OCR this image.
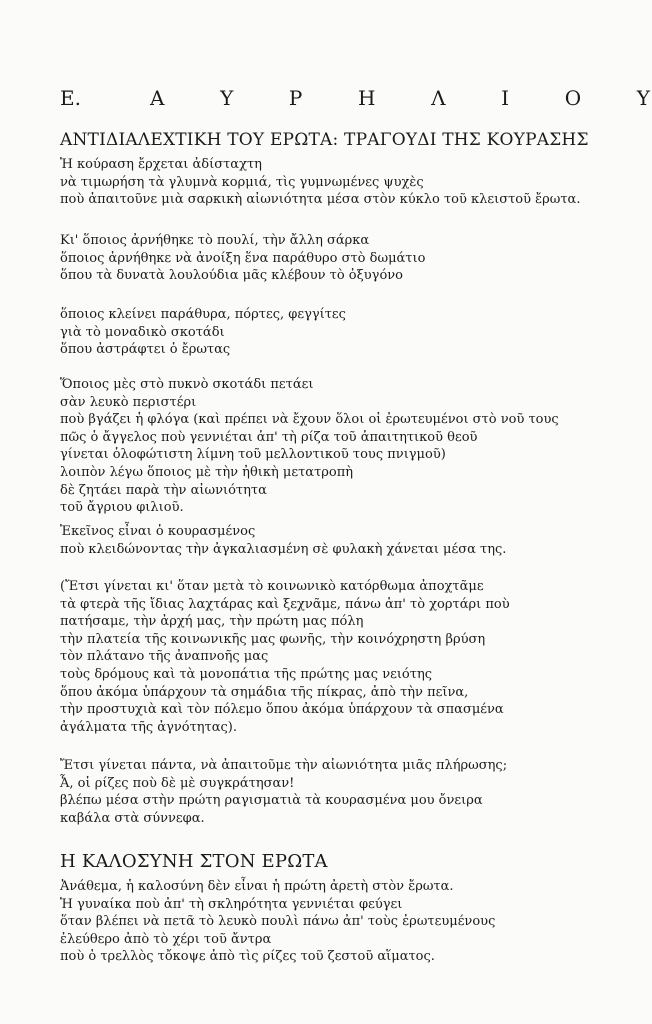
Ε.	Α	Υ	Ρ	Η	Λ	Ι	Ο	Υ
ΑΝΤΙΔΙΑΛΕΧΤΙΚΗ ΤΟΥ ΕΡΩΤΑ: ΤΡΑΓΟΥΔΙ ΤΗΣ ΚΟΥΡΑΣΗΣ
Ἡ κούραση ἔρχεται ἀδίσταχτη
νὰ τιμωρήση τὰ γλυμνὰ κορμιά, τὶς γυμνωμένες ψυχὲς
ποὺ ἀπαιτοῦνε μιὰ σαρκικὴ αἰωνιότητα μέσα στὸν κύκλο τοῦ κλειστοῦ ἔρωτα.
Κι' ὅποιος ἀρνήθηκε τὸ πουλί, τὴν ἄλλη σάρκα
ὅποιος ἀρνήθηκε νὰ ἀνοίξη ἕνα παράθυρο στὸ δωμάτιο
ὅπου τὰ δυνατὰ λουλούδια μᾶς κλέβουν τὸ ὀξυγόνο
ὅποιος κλείνει παράθυρα, πόρτες, φεγγίτες
γιὰ τὸ μοναδικὸ σκοτάδι
ὅπου ἀστράφτει ὁ ἔρωτας
Ὅποιος μὲς στὸ πυκνὸ σκοτάδι πετάει
σὰν λευκὸ περιστέρι
ποὺ βγάζει ἡ φλόγα (καὶ πρέπει νὰ ἔχουν ὅλοι οἱ ἐρωτευμένοι στὸ νοῦ τους
πῶς ὁ ἄγγελος ποὺ γεννιέται ἀπ' τὴ ρίζα τοῦ ἀπαιτητικοῦ θεοῦ
γίνεται ὁλοφώτιστη λίμνη τοῦ μελλοντικοῦ τους πνιγμοῦ)
λοιπὸν λέγω ὅποιος μὲ τὴν ἠθικὴ μετατροπὴ
δὲ ζητάει παρὰ τὴν αἰωνιότητα
τοῦ ἄγριου φιλιοῦ.
Ἐκεῖνος εἶναι ὁ κουρασμένος
ποὺ κλειδώνοντας τὴν ἀγκαλιασμένη σὲ φυλακὴ χάνεται μέσα της.
(Ἔτσι γίνεται κι' ὅταν μετὰ τὸ κοινωνικὸ κατόρθωμα ἀποχτᾶμε
τὰ φτερὰ τῆς ἴδιας λαχτάρας καὶ ξεχνᾶμε, πάνω ἀπ' τὸ χορτάρι ποὺ
πατήσαμε, τὴν ἀρχή μας, τὴν πρώτη μας πόλη
τὴν πλατεία τῆς κοινωνικῆς μας φωνῆς, τὴν κοινόχρηστη βρύση
τὸν πλάτανο τῆς ἀναπνοῆς μας
τοὺς δρόμους καὶ τὰ μονοπάτια τῆς πρώτης μας νειότης
ὅπου ἀκόμα ὑπάρχουν τὰ σημάδια τῆς πίκρας, ἀπὸ τὴν πεῖνα,
τὴν προστυχιὰ καὶ τὸν πόλεμο ὅπου ἀκόμα ὑπάρχουν τὰ σπασμένα
ἀγάλματα τῆς ἀγνότητας).
Ἔτσι γίνεται πάντα, νὰ ἀπαιτοῦμε τὴν αἰωνιότητα μιᾶς πλήρωσης;
Ἆ, οἱ ρίζες ποὺ δὲ μὲ συγκράτησαν!
βλέπω μέσα στὴν πρώτη ραγισματιὰ τὰ κουρασμένα μου ὄνειρα
καβάλα στὰ σύννεφα.
Η ΚΑΛΟΣΥΝΗ ΣΤΟΝ ΕΡΩΤΑ
Ἀνάθεμα, ἡ καλοσύνη δὲν εἶναι ἡ πρώτη ἀρετὴ στὸν ἔρωτα.
Ἡ γυναίκα ποὺ ἀπ' τὴ σκληρότητα γεννιέται φεύγει
ὅταν βλέπει νὰ πετᾶ τὸ λευκὸ πουλὶ πάνω ἀπ' τοὺς ἐρωτευμένους
ἐλεύθερο ἀπὸ τὸ χέρι τοῦ ἄντρα
ποὺ ὁ τρελλὸς τὄκοψε ἀπὸ τὶς ρίζες τοῦ ζεστοῦ αἵματος.
